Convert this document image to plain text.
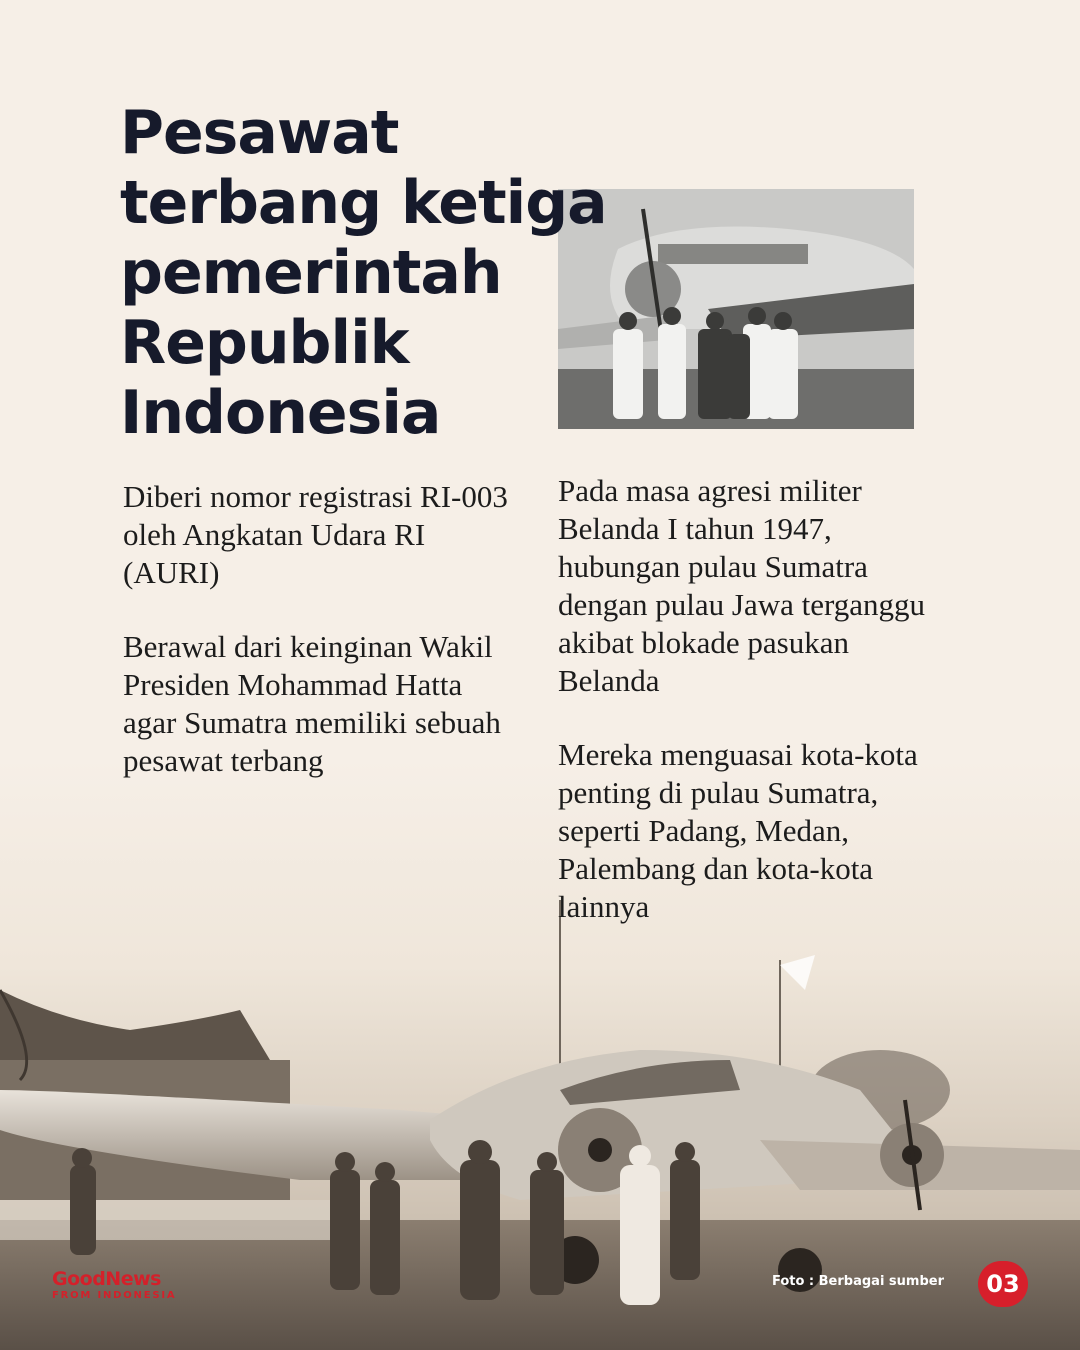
Pesawat terbang ketiga pemerintah Republik Indonesia

Diberi nomor registrasi RI-003 oleh Angkatan Udara RI (AURI)

Berawal dari keinginan Wakil Presiden Mohammad Hatta agar Sumatra memiliki sebuah pesawat terbang

Pada masa agresi militer Belanda I tahun 1947, hubungan pulau Sumatra dengan pulau Jawa terganggu akibat blokade pasukan Belanda

Mereka menguasai kota-kota penting di pulau Sumatra, seperti Padang, Medan, Palembang dan kota-kota lainnya

GoodNews
FROM INDONESIA
Foto : Berbagai sumber	03
